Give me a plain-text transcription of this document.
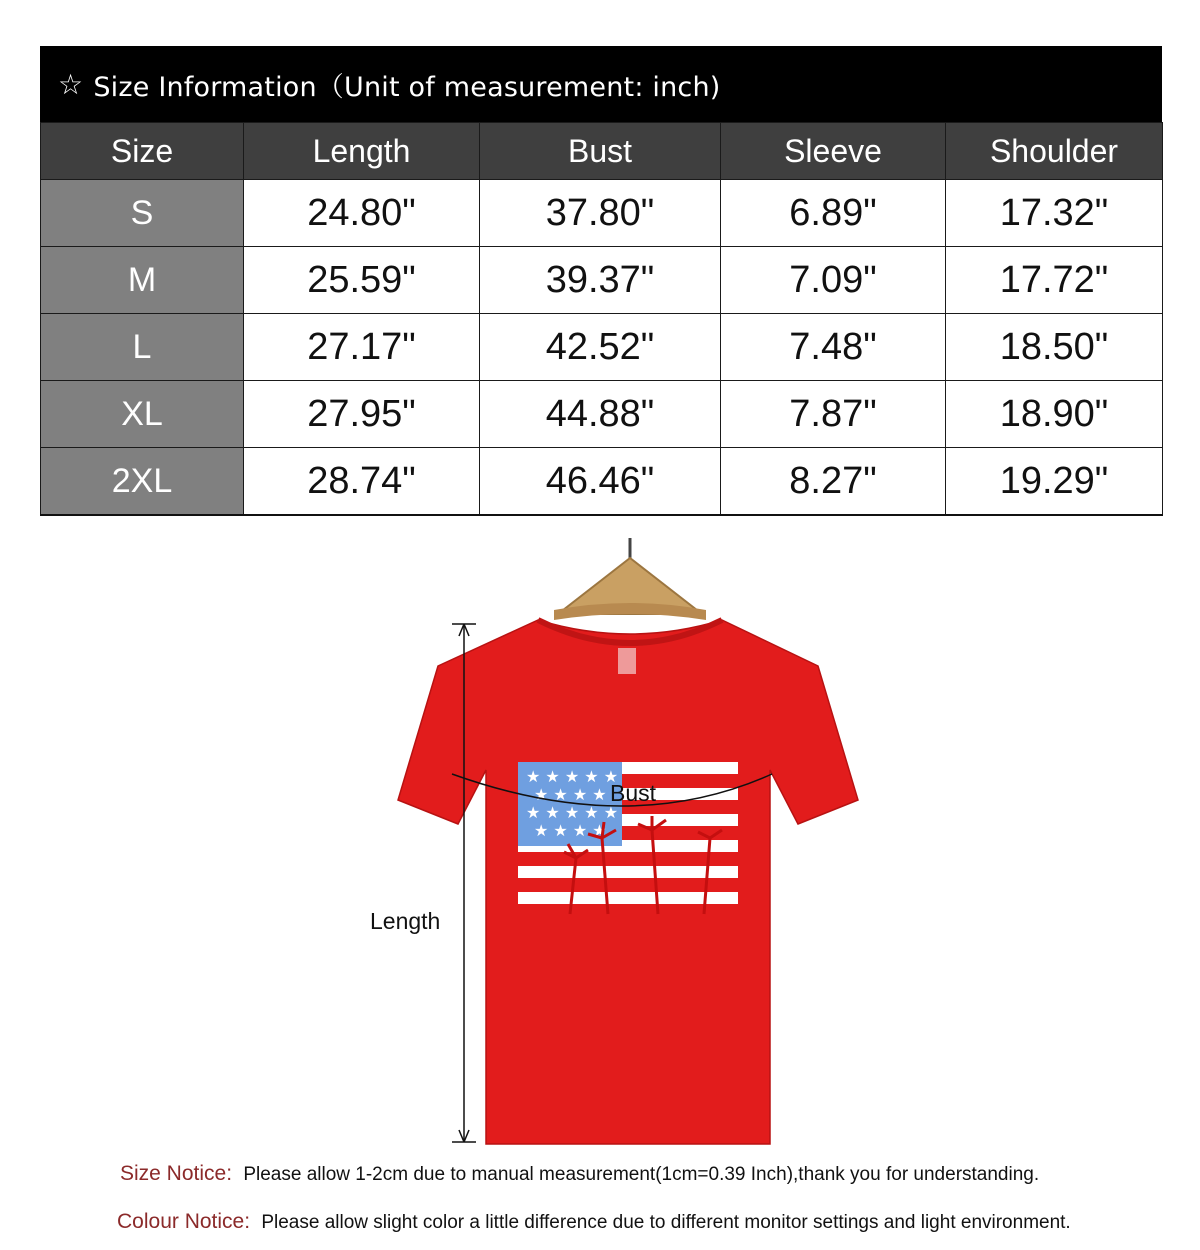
☆ Size Information（Unit of measurement: inch)
Size	Length	Bust	Sleeve	Shoulder
S	24.80"	37.80"	6.89"	17.32"
M	25.59"	39.37"	7.09"	17.72"
L	27.17"	42.52"	7.48"	18.50"
XL	27.95"	44.88"	7.87"	18.90"
2XL	28.74"	46.46"	8.27"	19.29"
★ ★ ★ ★ ★
★ ★ ★ ★
★ ★ ★ ★ ★
★ ★ ★ ★
Bust
Length
Size Notice: Please allow 1-2cm due to manual measurement(1cm=0.39 Inch),thank you for understanding.
Colour Notice: Please allow slight color a little difference due to different monitor settings and light environment.
